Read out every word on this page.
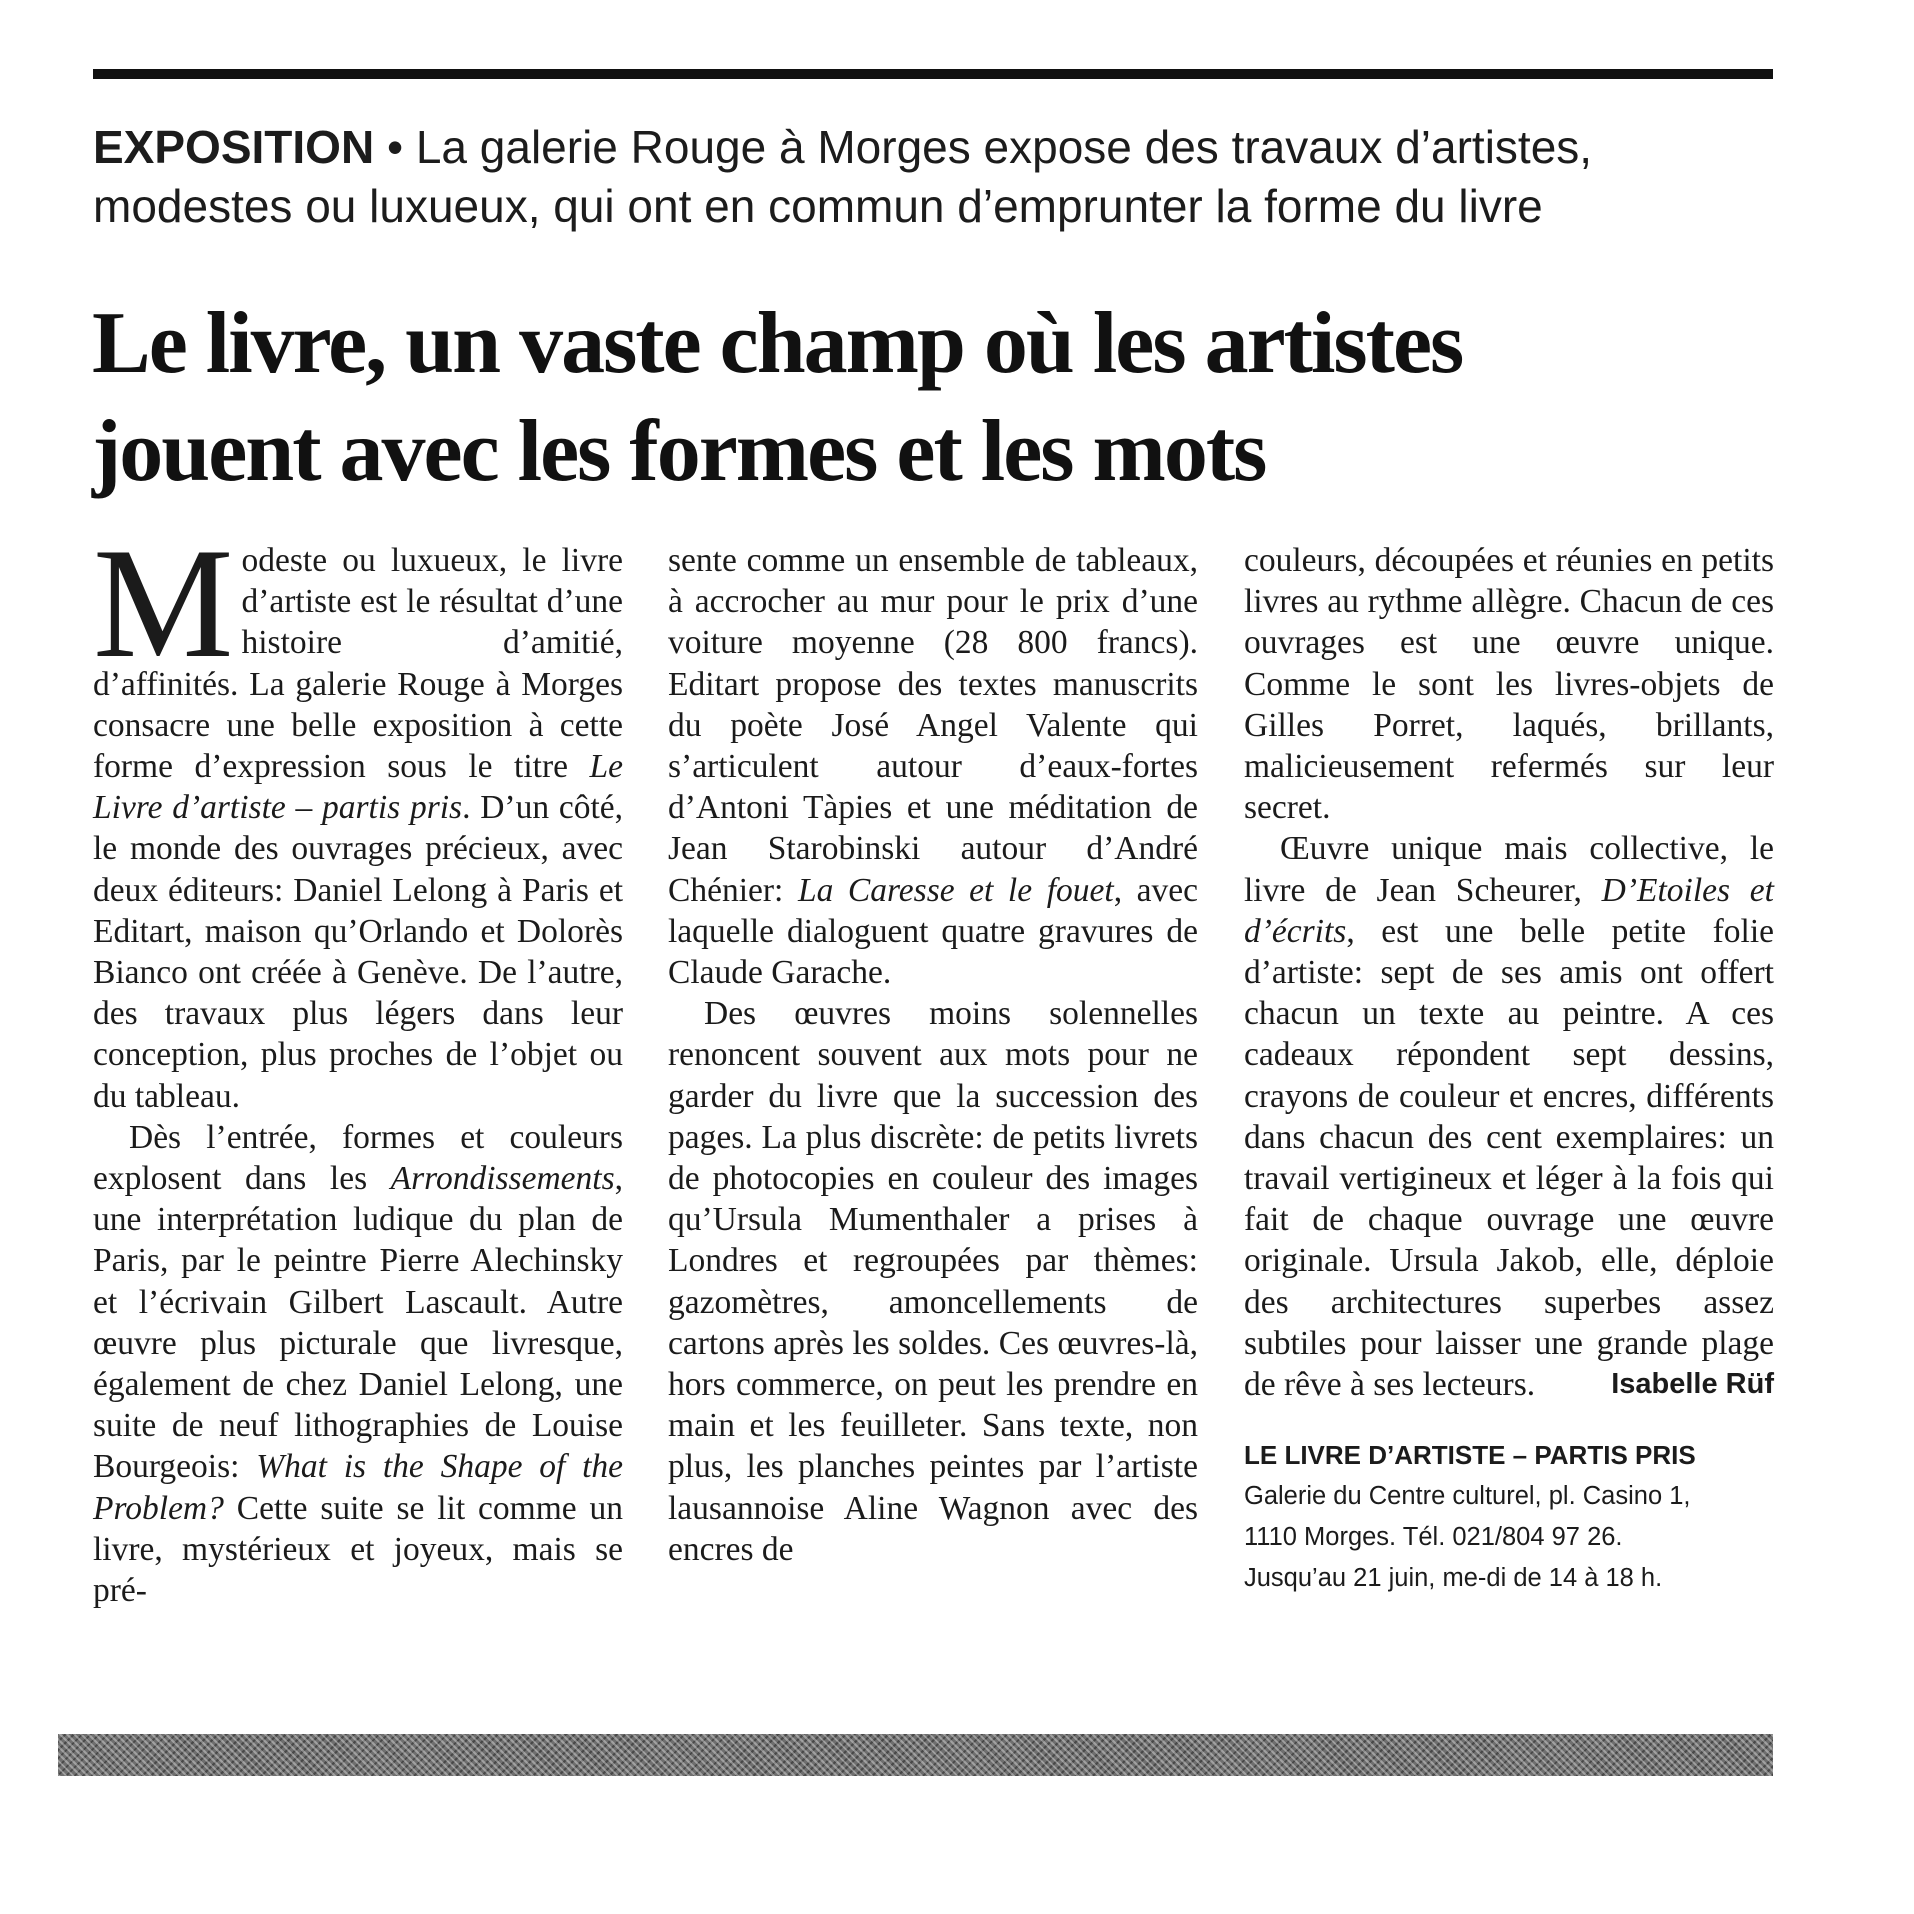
EXPOSITION • La galerie Rouge à Morges expose des travaux d’artistes, modestes ou luxueux, qui ont en commun d’emprunter la forme du livre
Le livre, un vaste champ où les artistes
jouent avec les formes et les mots

Modeste ou luxueux, le livre d’artiste est le résultat d’une histoire d’amitié, d’affinités. La galerie Rouge à Morges consacre une belle exposition à cette forme d’expression sous le titre Le Livre d’artiste – partis pris. D’un côté, le monde des ouvrages précieux, avec deux éditeurs: Daniel Lelong à Paris et Editart, maison qu’Orlando et Dolorès Bianco ont créée à Genève. De l’autre, des travaux plus légers dans leur conception, plus proches de l’objet ou du tableau.

Dès l’entrée, formes et couleurs explosent dans les Arrondissements, une interprétation ludique du plan de Paris, par le peintre Pierre Alechinsky et l’écrivain Gilbert Lascault. Autre œuvre plus picturale que livresque, également de chez Daniel Lelong, une suite de neuf lithographies de Louise Bourgeois: What is the Shape of the Problem? Cette suite se lit comme un livre, mystérieux et joyeux, mais se pré-

sente comme un ensemble de tableaux, à accrocher au mur pour le prix d’une voiture moyenne (28 800 francs). Editart propose des textes manuscrits du poète José Angel Valente qui s’articulent autour d’eaux-fortes d’Antoni Tàpies et une méditation de Jean Starobinski autour d’André Chénier: La Caresse et le fouet, avec laquelle dialoguent quatre gravures de Claude Garache.

Des œuvres moins solennelles renoncent souvent aux mots pour ne garder du livre que la succession des pages. La plus discrète: de petits livrets de photocopies en couleur des images qu’Ursula Mumenthaler a prises à Londres et regroupées par thèmes: gazomètres, amoncellements de cartons après les soldes. Ces œuvres-là, hors commerce, on peut les prendre en main et les feuilleter. Sans texte, non plus, les planches peintes par l’artiste lausannoise Aline Wagnon avec des encres de

couleurs, découpées et réunies en petits livres au rythme allègre. Chacun de ces ouvrages est une œuvre unique. Comme le sont les livres-objets de Gilles Porret, laqués, brillants, malicieusement refermés sur leur secret.

Œuvre unique mais collective, le livre de Jean Scheurer, D’Etoiles et d’écrits, est une belle petite folie d’artiste: sept de ses amis ont offert chacun un texte au peintre. A ces cadeaux répondent sept dessins, crayons de couleur et encres, différents dans chacun des cent exemplaires: un travail vertigineux et léger à la fois qui fait de chaque ouvrage une œuvre originale. Ursula Jakob, elle, déploie des architectures superbes assez subtiles pour laisser une grande plage de rêve à ses lecteurs.	Isabelle Rüf

LE LIVRE D’ARTISTE – PARTIS PRIS
Galerie du Centre culturel, pl. Casino 1,
1110 Morges. Tél. 021/804 97 26.
Jusqu’au 21 juin, me-di de 14 à 18 h.
